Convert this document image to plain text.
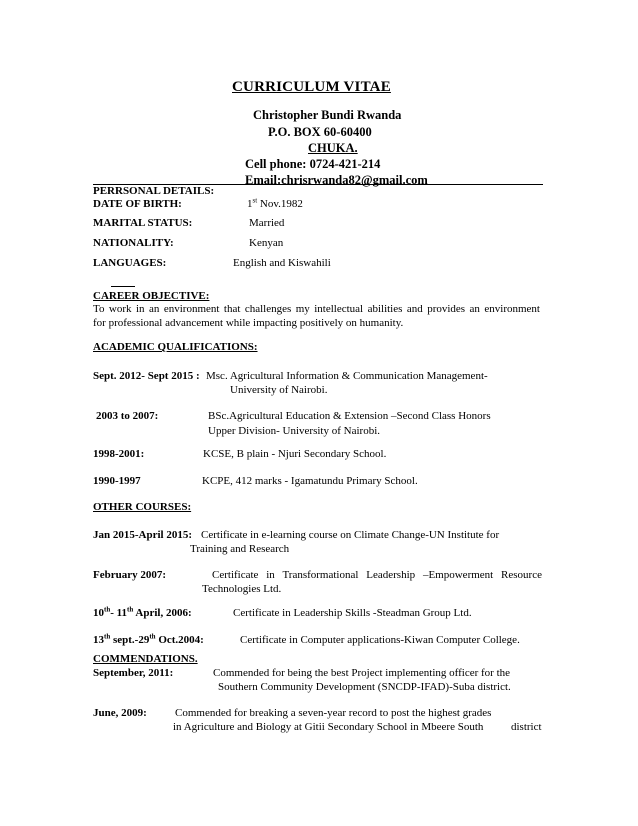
CURRICULUM VITAE
Christopher Bundi Rwanda
P.O. BOX 60-60400
CHUKA.
Cell phone: 0724-421-214
Email:chrisrwanda82@gmail.com
PERRSONAL DETAILS:
DATE OF BIRTH:	1st Nov.1982
MARITAL STATUS:	Married
NATIONALITY:	Kenyan
LANGUAGES:	English and Kiswahili
CAREER OBJECTIVE:
To work in an environment that challenges my intellectual abilities and provides an environment
for professional advancement while impacting positively on humanity.
ACADEMIC QUALIFICATIONS:
Sept. 2012- Sept 2015 : Msc. Agricultural Information & Communication Management-
University of Nairobi.
2003 to 2007:	BSc.Agricultural Education & Extension –Second Class Honors
Upper Division- University of Nairobi.
1998-2001:	KCSE, B plain - Njuri Secondary School.
1990-1997	KCPE, 412 marks - Igamatundu Primary School.
OTHER COURSES:
Jan 2015-April 2015: Certificate in e-learning course on Climate Change-UN Institute for
Training and Research
February 2007:	Certificate in Transformational Leadership –Empowerment Resource
Technologies Ltd.
10th- 11th April, 2006:	Certificate in Leadership Skills -Steadman Group Ltd.
13th sept.-29th Oct.2004:	Certificate in Computer applications-Kiwan Computer College.
COMMENDATIONS.
September, 2011:	Commended for being the best Project implementing officer for the
Southern Community Development (SNCDP-IFAD)-Suba district.
June, 2009:	Commended for breaking a seven-year record to post the highest grades
in Agriculture and Biology at Gitii Secondary School in Mbeere South	district
